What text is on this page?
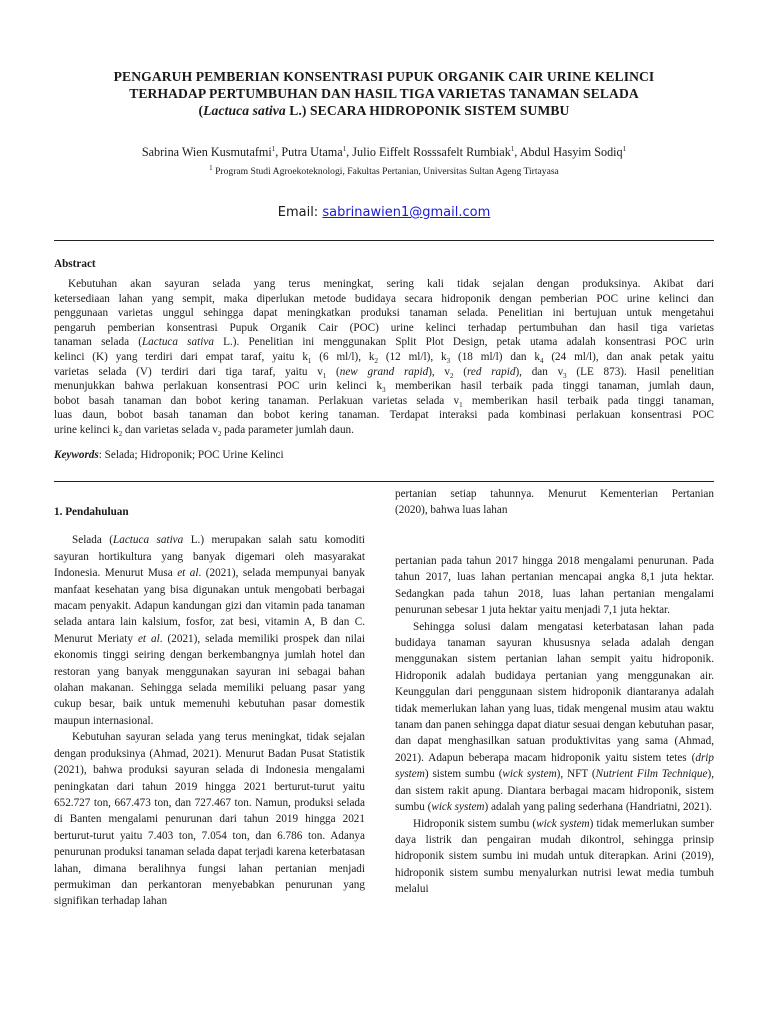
PENGARUH PEMBERIAN KONSENTRASI PUPUK ORGANIK CAIR URINE KELINCI
TERHADAP PERTUMBUHAN DAN HASIL TIGA VARIETAS TANAMAN SELADA
(Lactuca sativa L.) SECARA HIDROPONIK SISTEM SUMBU
Sabrina Wien Kusmutafmi$^1$, Putra Utama$^1$, Julio Eiffelt Rosssafelt Rumbiak$^1$, Abdul Hasyim Sodiq$^1$
$^1$ Program Studi Agroekoteknologi, Fakultas Pertanian, Universitas Sultan Ageng Tirtayasa
Email: sabrinawien1@gmail.com
Abstract
Kebutuhan akan sayuran selada yang terus meningkat, sering kali tidak sejalan dengan produksinya. Akibat dari
ketersediaan lahan yang sempit, maka diperlukan metode budidaya secara hidroponik dengan pemberian POC urine kelinci dan
penggunaan varietas unggul sehingga dapat meningkatkan produksi tanaman selada. Penelitian ini bertujuan untuk mengetahui
pengaruh pemberian konsentrasi Pupuk Organik Cair (POC) urine kelinci terhadap pertumbuhan dan hasil tiga varietas
tanaman selada (Lactuca sativa L.). Penelitian ini menggunakan Split Plot Design, petak utama adalah konsentrasi POC urin
kelinci (K) yang terdiri dari empat taraf, yaitu $k_1$ (6 ml/l), $k_2$ (12 ml/l), $k_3$ (18 ml/l) dan $k_4$ (24 ml/l), dan anak petak yaitu
varietas selada (V) terdiri dari tiga taraf, yaitu $v_1$ (new grand rapid), $v_2$ (red rapid), dan $v_3$ (LE 873). Hasil penelitian
menunjukkan bahwa perlakuan konsentrasi POC urin kelinci $k_3$ memberikan hasil terbaik pada tinggi tanaman, jumlah daun,
bobot basah tanaman dan bobot kering tanaman. Perlakuan varietas selada $v_1$ memberikan hasil terbaik pada tinggi tanaman,
luas daun, bobot basah tanaman dan bobot kering tanaman. Terdapat interaksi pada kombinasi perlakuan konsentrasi POC
urine kelinci $k_2$ dan varietas selada $v_2$ pada parameter jumlah daun.
Keywords: Selada; Hidroponik; POC Urine Kelinci
1. Pendahuluan

Selada (Lactuca sativa L.) merupakan salah satu komoditi sayuran hortikultura yang banyak digemari oleh masyarakat Indonesia. Menurut Musa et al. (2021), selada mempunyai banyak manfaat kesehatan yang bisa digunakan untuk mengobati berbagai macam penyakit. Adapun kandungan gizi dan vitamin pada tanaman selada antara lain kalsium, fosfor, zat besi, vitamin A, B dan C. Menurut Meriaty et al. (2021), selada memiliki prospek dan nilai ekonomis tinggi seiring dengan berkembangnya jumlah hotel dan restoran yang banyak menggunakan sayuran ini sebagai bahan olahan makanan. Sehingga selada memiliki peluang pasar yang cukup besar, baik untuk memenuhi kebutuhan pasar domestik maupun internasional.

Kebutuhan sayuran selada yang terus meningkat, tidak sejalan dengan produksinya (Ahmad, 2021). Menurut Badan Pusat Statistik (2021), bahwa produksi sayuran selada di Indonesia mengalami peningkatan dari tahun 2019 hingga 2021 berturut-turut yaitu 652.727 ton, 667.473 ton, dan 727.467 ton. Namun, produksi selada di Banten mengalami penurunan dari tahun 2019 hingga 2021 berturut-turut yaitu 7.403 ton, 7.054 ton, dan 6.786 ton. Adanya penurunan produksi tanaman selada dapat terjadi karena keterbatasan lahan, dimana beralihnya fungsi lahan pertanian menjadi permukiman dan perkantoran menyebabkan penurunan yang signifikan terhadap lahan

pertanian setiap tahunnya. Menurut Kementerian Pertanian
(2020), bahwa luas lahan

pertanian pada tahun 2017 hingga 2018 mengalami penurunan. Pada tahun 2017, luas lahan pertanian mencapai angka 8,1 juta hektar. Sedangkan pada tahun 2018, luas lahan pertanian mengalami penurunan sebesar 1 juta hektar yaitu menjadi 7,1 juta hektar.

Sehingga solusi dalam mengatasi keterbatasan lahan pada budidaya tanaman sayuran khususnya selada adalah dengan menggunakan sistem pertanian lahan sempit yaitu hidroponik. Hidroponik adalah budidaya pertanian yang menggunakan air. Keunggulan dari penggunaan sistem hidroponik diantaranya adalah tidak memerlukan lahan yang luas, tidak mengenal musim atau waktu tanam dan panen sehingga dapat diatur sesuai dengan kebutuhan pasar, dan dapat menghasilkan satuan produktivitas yang sama (Ahmad, 2021). Adapun beberapa macam hidroponik yaitu sistem tetes (drip system) sistem sumbu (wick system), NFT (Nutrient Film Technique), dan sistem rakit apung. Diantara berbagai macam hidroponik, sistem sumbu (wick system) adalah yang paling sederhana (Handriatni, 2021).

Hidroponik sistem sumbu (wick system) tidak memerlukan sumber daya listrik dan pengairan mudah dikontrol, sehingga prinsip hidroponik sistem sumbu ini mudah untuk diterapkan. Arini (2019), hidroponik sistem sumbu menyalurkan nutrisi lewat media tumbuh melalui
